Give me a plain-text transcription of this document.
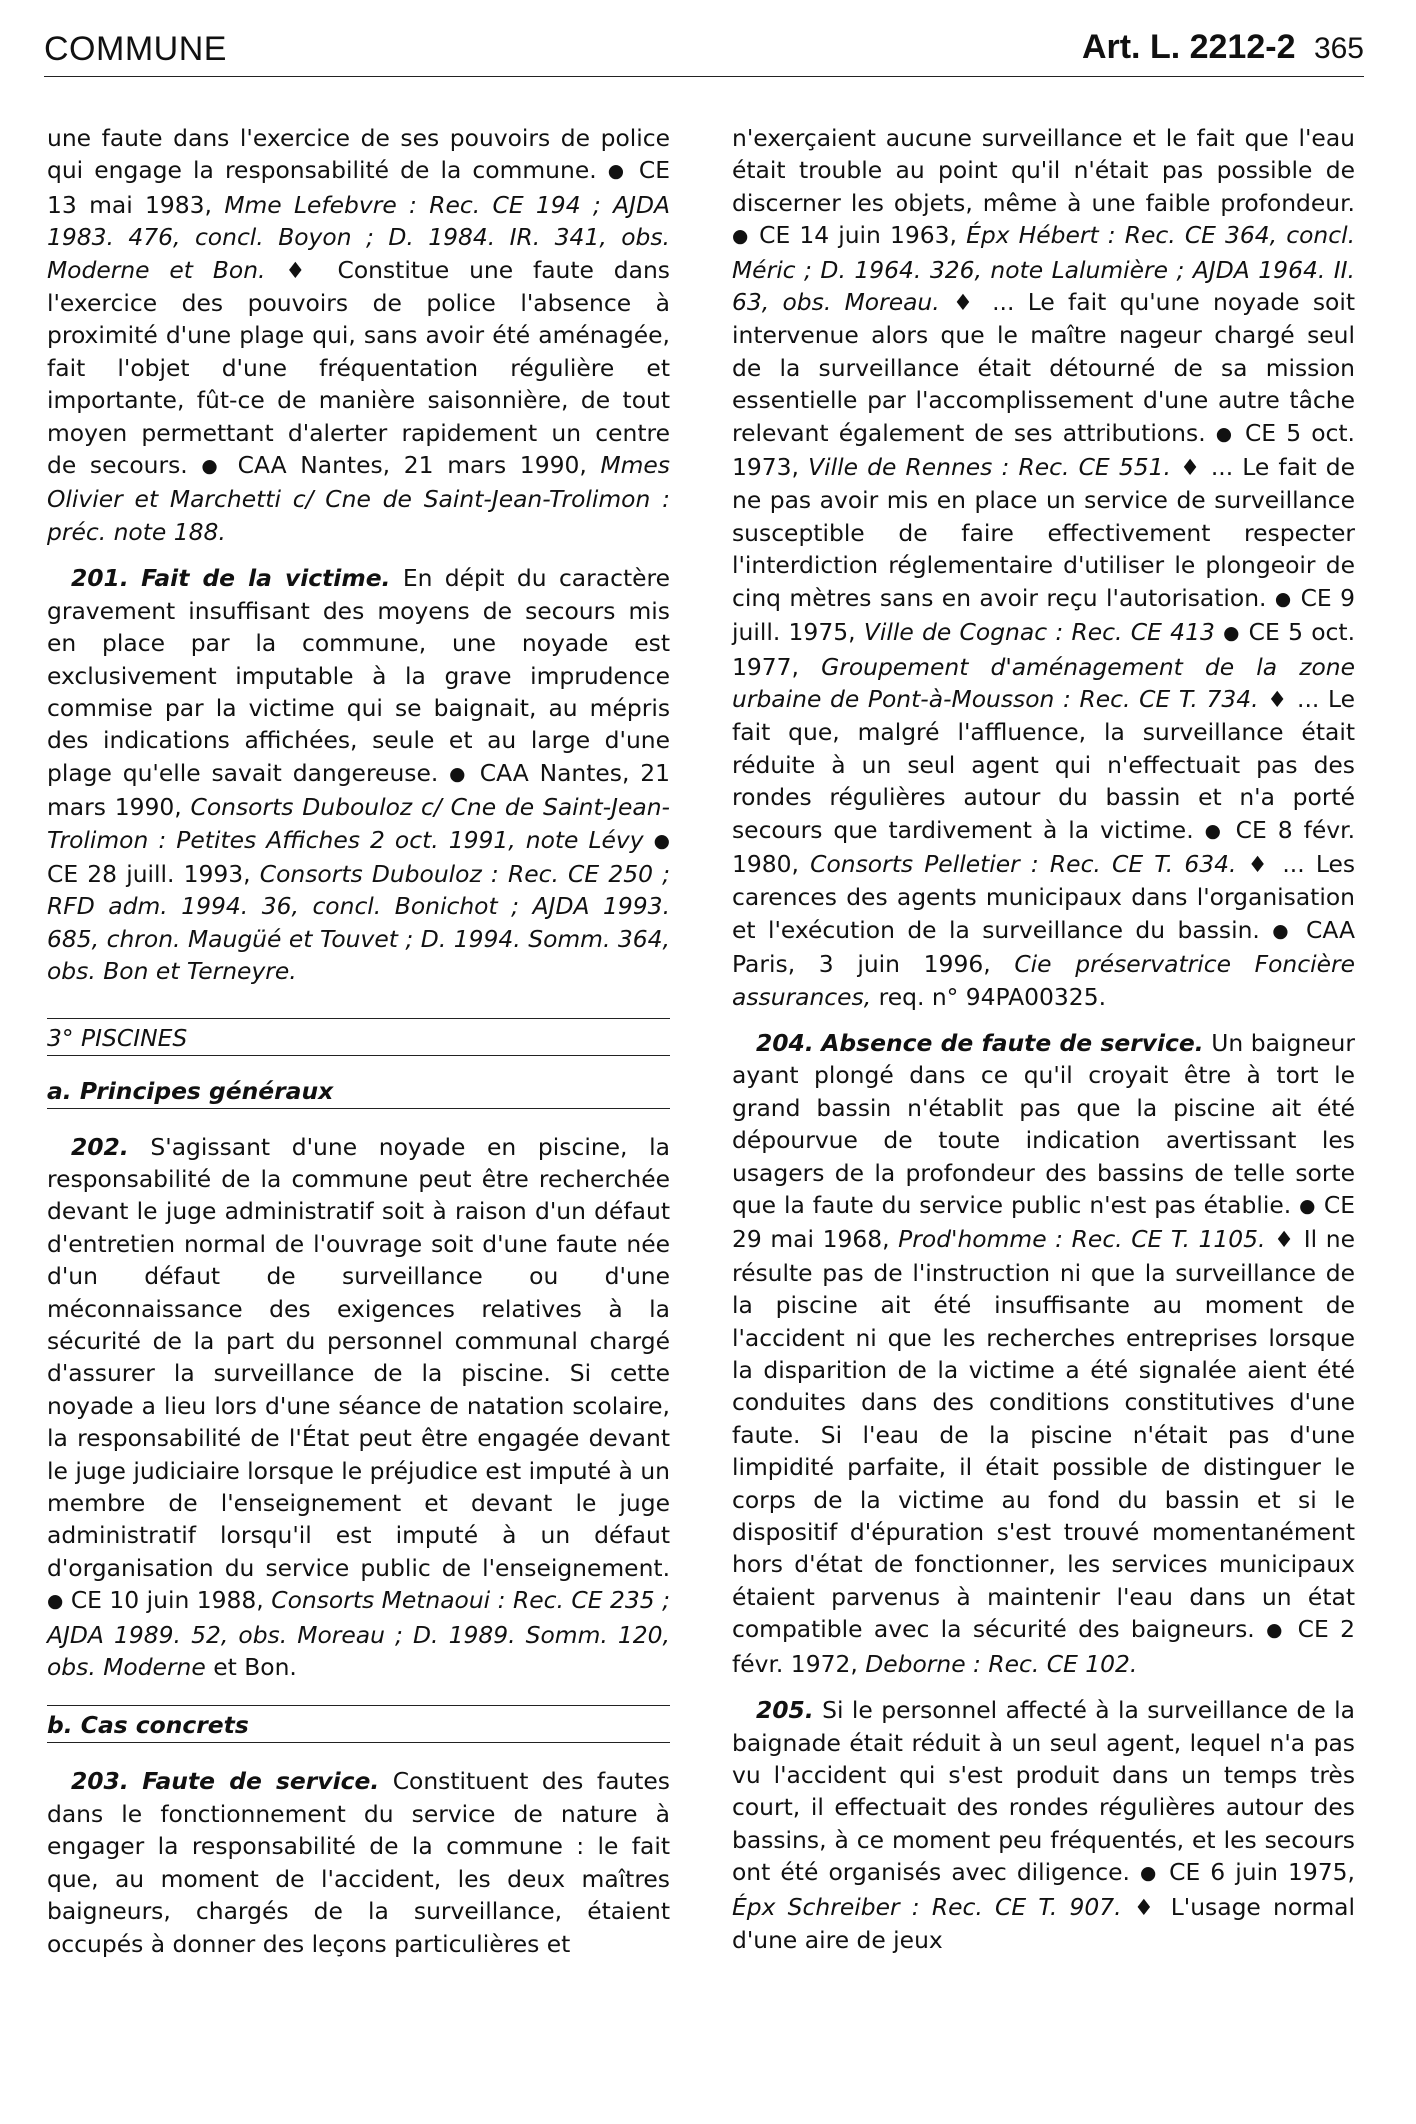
COMMUNE	Art. L. 2212-2 365

une faute dans l'exercice de ses pouvoirs de police qui engage la responsabilité de la commune. ● CE 13 mai 1983, Mme Lefebvre : Rec. CE 194 ; AJDA 1983. 476, concl. Boyon ; D. 1984. IR. 341, obs. Moderne et Bon. ♦ Constitue une faute dans l'exercice des pouvoirs de police l'absence à proximité d'une plage qui, sans avoir été aménagée, fait l'objet d'une fréquentation régulière et importante, fût-ce de manière saisonnière, de tout moyen permettant d'alerter rapidement un centre de secours. ● CAA Nantes, 21 mars 1990, Mmes Olivier et Marchetti c/ Cne de Saint-Jean-Trolimon : préc. note 188.

201. Fait de la victime. En dépit du caractère gravement insuffisant des moyens de secours mis en place par la commune, une noyade est exclusivement imputable à la grave imprudence commise par la victime qui se baignait, au mépris des indications affichées, seule et au large d'une plage qu'elle savait dangereuse. ● CAA Nantes, 21 mars 1990, Consorts Dubouloz c/ Cne de Saint-Jean-Trolimon : Petites Affiches 2 oct. 1991, note Lévy ● CE 28 juill. 1993, Consorts Dubouloz : Rec. CE 250 ; RFD adm. 1994. 36, concl. Bonichot ; AJDA 1993. 685, chron. Maugüé et Touvet ; D. 1994. Somm. 364, obs. Bon et Terneyre.

3° PISCINES
a. Principes généraux

202. S'agissant d'une noyade en piscine, la responsabilité de la commune peut être recherchée devant le juge administratif soit à raison d'un défaut d'entretien normal de l'ouvrage soit d'une faute née d'un défaut de surveillance ou d'une méconnaissance des exigences relatives à la sécurité de la part du personnel communal chargé d'assurer la surveillance de la piscine. Si cette noyade a lieu lors d'une séance de natation scolaire, la responsabilité de l'État peut être engagée devant le juge judiciaire lorsque le préjudice est imputé à un membre de l'enseignement et devant le juge administratif lorsqu'il est imputé à un défaut d'organisation du service public de l'enseignement. ● CE 10 juin 1988, Consorts Metnaoui : Rec. CE 235 ; AJDA 1989. 52, obs. Moreau ; D. 1989. Somm. 120, obs. Moderne et Bon.

b. Cas concrets

203. Faute de service. Constituent des fautes dans le fonctionnement du service de nature à engager la responsabilité de la commune : le fait que, au moment de l'accident, les deux maîtres baigneurs, chargés de la surveillance, étaient occupés à donner des leçons particulières et

n'exerçaient aucune surveillance et le fait que l'eau était trouble au point qu'il n'était pas possible de discerner les objets, même à une faible profondeur. ● CE 14 juin 1963, Épx Hébert : Rec. CE 364, concl. Méric ; D. 1964. 326, note Lalumière ; AJDA 1964. II. 63, obs. Moreau. ♦ ... Le fait qu'une noyade soit intervenue alors que le maître nageur chargé seul de la surveillance était détourné de sa mission essentielle par l'accomplissement d'une autre tâche relevant également de ses attributions. ● CE 5 oct. 1973, Ville de Rennes : Rec. CE 551. ♦ ... Le fait de ne pas avoir mis en place un service de surveillance susceptible de faire effectivement respecter l'interdiction réglementaire d'utiliser le plongeoir de cinq mètres sans en avoir reçu l'autorisation. ● CE 9 juill. 1975, Ville de Cognac : Rec. CE 413 ● CE 5 oct. 1977, Groupement d'aménagement de la zone urbaine de Pont-à-Mousson : Rec. CE T. 734. ♦ ... Le fait que, malgré l'affluence, la surveillance était réduite à un seul agent qui n'effectuait pas des rondes régulières autour du bassin et n'a porté secours que tardivement à la victime. ● CE 8 févr. 1980, Consorts Pelletier : Rec. CE T. 634. ♦ ... Les carences des agents municipaux dans l'organisation et l'exécution de la surveillance du bassin. ● CAA Paris, 3 juin 1996, Cie préservatrice Foncière assurances, req. n° 94PA00325.

204. Absence de faute de service. Un baigneur ayant plongé dans ce qu'il croyait être à tort le grand bassin n'établit pas que la piscine ait été dépourvue de toute indication avertissant les usagers de la profondeur des bassins de telle sorte que la faute du service public n'est pas établie. ● CE 29 mai 1968, Prod'homme : Rec. CE T. 1105. ♦ Il ne résulte pas de l'instruction ni que la surveillance de la piscine ait été insuffisante au moment de l'accident ni que les recherches entreprises lorsque la disparition de la victime a été signalée aient été conduites dans des conditions constitutives d'une faute. Si l'eau de la piscine n'était pas d'une limpidité parfaite, il était possible de distinguer le corps de la victime au fond du bassin et si le dispositif d'épuration s'est trouvé momentanément hors d'état de fonctionner, les services municipaux étaient parvenus à maintenir l'eau dans un état compatible avec la sécurité des baigneurs. ● CE 2 févr. 1972, Deborne : Rec. CE 102.

205. Si le personnel affecté à la surveillance de la baignade était réduit à un seul agent, lequel n'a pas vu l'accident qui s'est produit dans un temps très court, il effectuait des rondes régulières autour des bassins, à ce moment peu fréquentés, et les secours ont été organisés avec diligence. ● CE 6 juin 1975, Épx Schreiber : Rec. CE T. 907. ♦ L'usage normal d'une aire de jeux
